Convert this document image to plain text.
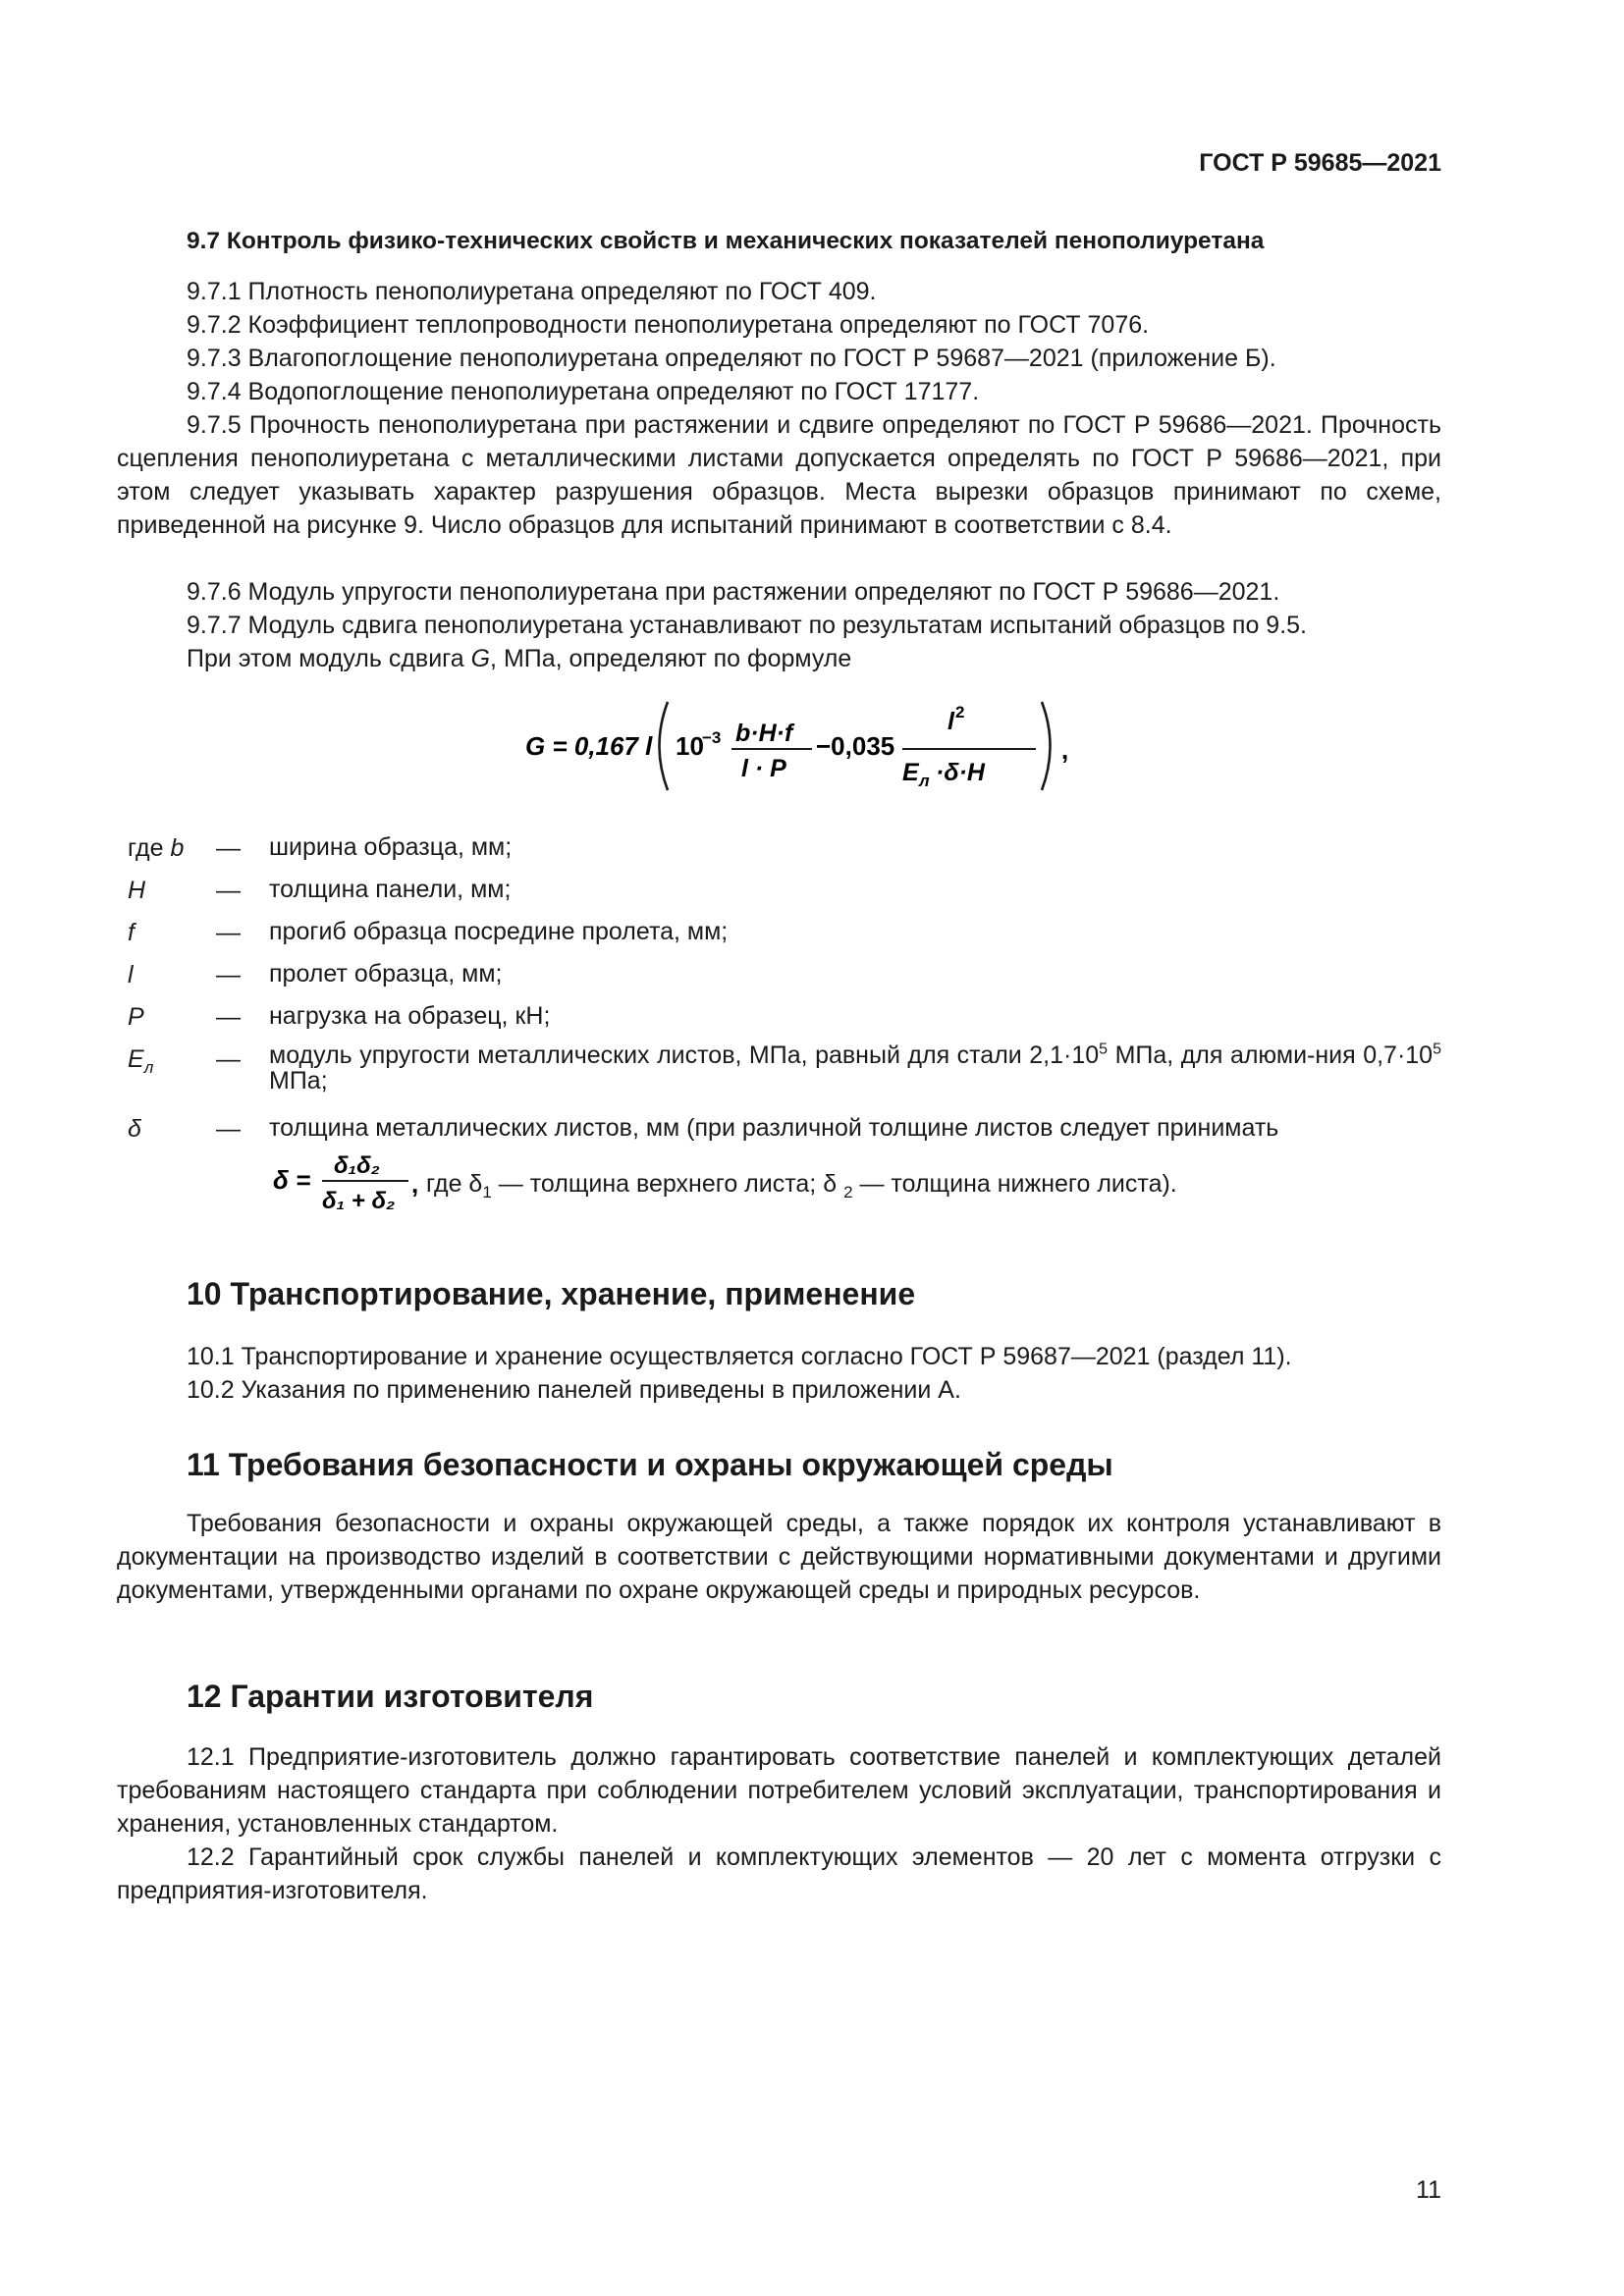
ГОСТ Р 59685—2021
9.7 Контроль физико-технических свойств и механических показателей пенополиуретана
9.7.1 Плотность пенополиуретана определяют по ГОСТ 409.
9.7.2 Коэффициент теплопроводности пенополиуретана определяют по ГОСТ 7076.
9.7.3 Влагопоглощение пенополиуретана определяют по ГОСТ Р 59687—2021 (приложение Б).
9.7.4 Водопоглощение пенополиуретана определяют по ГОСТ 17177.
9.7.5 Прочность пенополиуретана при растяжении и сдвиге определяют по ГОСТ Р 59686—2021. Прочность сцепления пенополиуретана с металлическими листами допускается определять по ГОСТ Р 59686—2021, при этом следует указывать характер разрушения образцов. Места вырезки образцов принимают по схеме, приведенной на рисунке 9. Число образцов для испытаний принимают в соответствии с 8.4.
9.7.6 Модуль упругости пенополиуретана при растяжении определяют по ГОСТ Р 59686—2021.
9.7.7 Модуль сдвига пенополиуретана устанавливают по результатам испытаний образцов по 9.5.
При этом модуль сдвига G, МПа, определяют по формуле
G = 0,167 l 10
−3 b·H·f
l · P
−0,035
l 2
E л ·δ·H
,
где b — ширина образца, мм;
H	— толщина панели, мм;
f	— прогиб образца посредине пролета, мм;
l	— пролет образца, мм;
P	— нагрузка на образец, кН;
$E_л$	— модуль упругости металлических листов, МПа, равный для стали $2,1\cdot 10^5$ МПа, для алюми-ния $0,7\cdot 10^5$ МПа;
δ	— толщина металлических листов, мм (при различной толщине листов следует принимать
δ = δ₁δ₂
δ₁ + δ₂
, где $\delta_1$ — толщина верхнего листа; δ $_2$ — толщина нижнего листа).
10 Транспортирование, хранение, применение
10.1 Транспортирование и хранение осуществляется согласно ГОСТ Р 59687—2021 (раздел 11).
10.2 Указания по применению панелей приведены в приложении А.
11 Требования безопасности и охраны окружающей среды
Требования безопасности и охраны окружающей среды, а также порядок их контроля устанавливают в документации на производство изделий в соответствии с действующими нормативными документами и другими документами, утвержденными органами по охране окружающей среды и природных ресурсов.
12 Гарантии изготовителя
12.1 Предприятие-изготовитель должно гарантировать соответствие панелей и комплектующих деталей требованиям настоящего стандарта при соблюдении потребителем условий эксплуатации, транспортирования и хранения, установленных стандартом.
12.2 Гарантийный срок службы панелей и комплектующих элементов — 20 лет с момента отгрузки с предприятия-изготовителя.
11
